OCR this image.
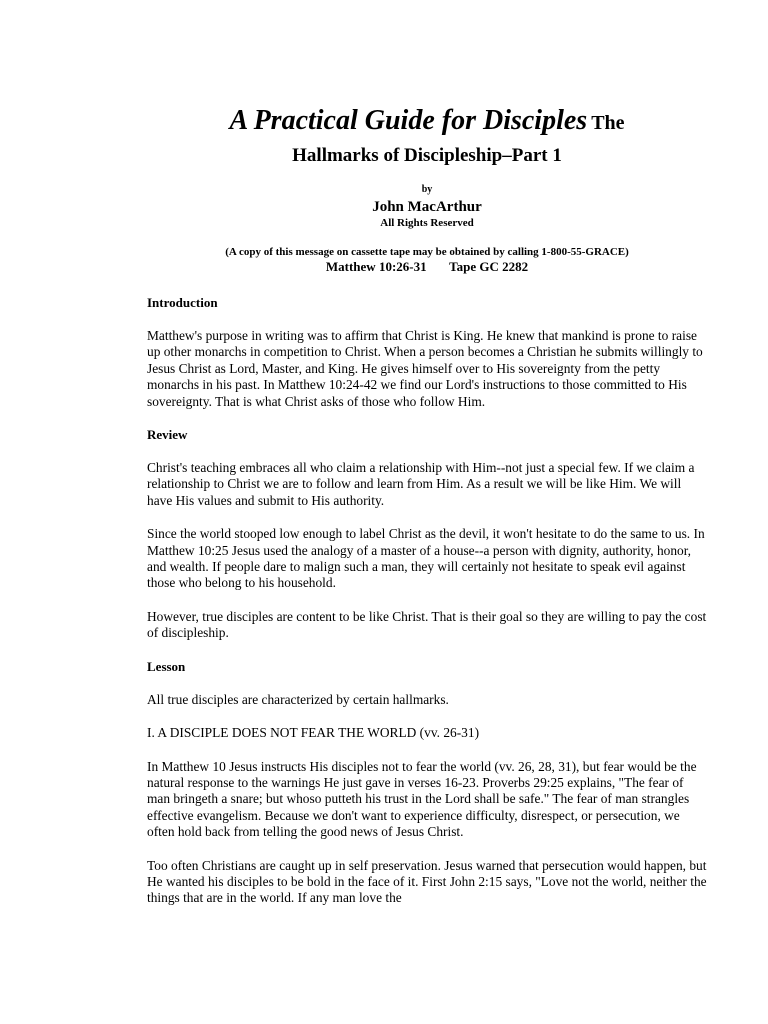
A Practical Guide for Disciples The

Hallmarks of Discipleship–Part 1

by

John MacArthur

All Rights Reserved

(A copy of this message on cassette tape may be obtained by calling 1-800-55-GRACE)

Matthew 10:26-31 Tape GC 2282

Introduction

Matthew's purpose in writing was to affirm that Christ is King. He knew that mankind is prone to raise up other monarchs in competition to Christ. When a person becomes a Christian he submits willingly to Jesus Christ as Lord, Master, and King. He gives himself over to His sovereignty from the petty monarchs in his past. In Matthew 10:24-42 we find our Lord's instructions to those committed to His sovereignty. That is what Christ asks of those who follow Him.

Review

Christ's teaching embraces all who claim a relationship with Him--not just a special few. If we claim a relationship to Christ we are to follow and learn from Him. As a result we will be like Him. We will have His values and submit to His authority.

Since the world stooped low enough to label Christ as the devil, it won't hesitate to do the same to us. In Matthew 10:25 Jesus used the analogy of a master of a house--a person with dignity, authority, honor, and wealth. If people dare to malign such a man, they will certainly not hesitate to speak evil against those who belong to his household.

However, true disciples are content to be like Christ. That is their goal so they are willing to pay the cost of discipleship.

Lesson

All true disciples are characterized by certain hallmarks.

I. A DISCIPLE DOES NOT FEAR THE WORLD (vv. 26-31)

In Matthew 10 Jesus instructs His disciples not to fear the world (vv. 26, 28, 31), but fear would be the natural response to the warnings He just gave in verses 16-23. Proverbs 29:25 explains, "The fear of man bringeth a snare; but whoso putteth his trust in the Lord shall be safe." The fear of man strangles effective evangelism. Because we don't want to experience difficulty, disrespect, or persecution, we often hold back from telling the good news of Jesus Christ.

Too often Christians are caught up in self preservation. Jesus warned that persecution would happen, but He wanted his disciples to be bold in the face of it. First John 2:15 says, "Love not the world, neither the things that are in the world. If any man love the
